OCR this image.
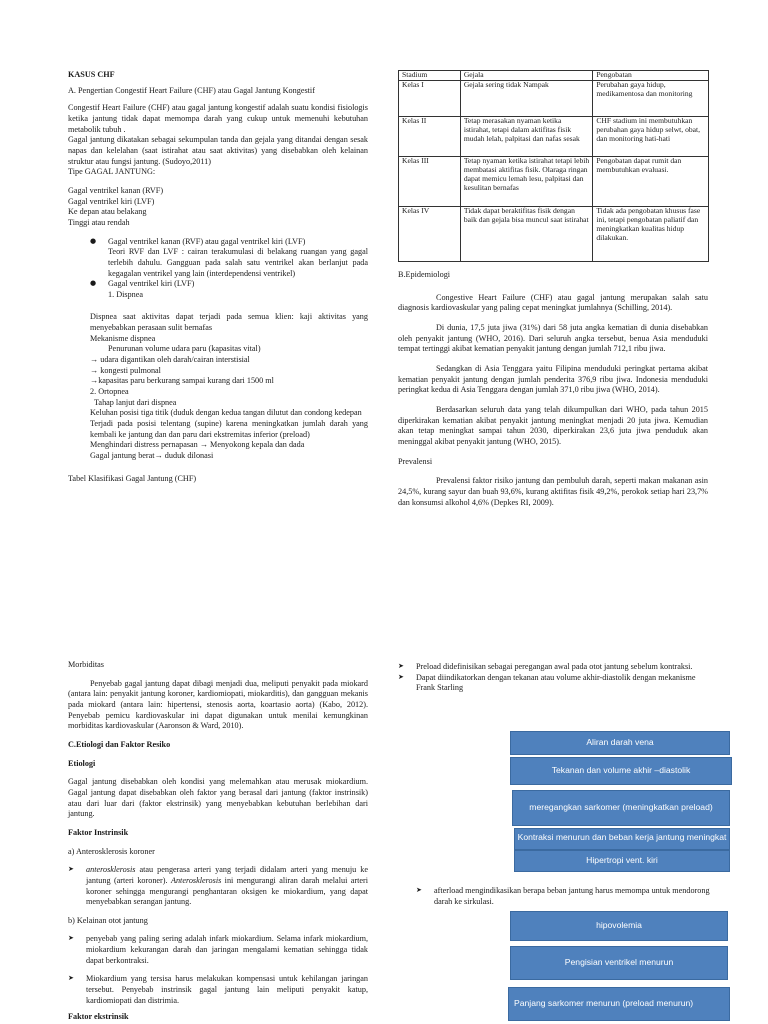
KASUS CHF

A. Pengertian Congestif Heart Failure (CHF) atau Gagal Jantung Kongestif

Congestif Heart Failure (CHF) atau gagal jantung kongestif adalah suatu kondisi fisiologis ketika jantung tidak dapat memompa darah yang cukup untuk memenuhi kebutuhan metabolik tubuh .

Gagal jantung dikatakan sebagai sekumpulan tanda dan gejala yang ditandai dengan sesak napas dan kelelahan (saat istirahat atau saat aktivitas) yang disebabkan oleh kelainan struktur atau fungsi jantung. (Sudoyo,2011)

Tipe GAGAL JANTUNG:

Gagal ventrikel kanan (RVF)

Gagal ventrikel kiri (LVF)

Ke depan atau belakang

Tinggi atau rendah

● Gagal ventrikel kanan (RVF) atau gagal ventrikel kiri (LVF)

Teori RVF dan LVF : cairan terakumulasi di belakang ruangan yang gagal terlebih dahulu. Gangguan pada salah satu ventrikel akan berlanjut pada kegagalan ventrikel yang lain (interdependensi ventrikel)

● Gagal ventrikel kiri (LVF)

1. Dispnea

Dispnea saat aktivitas dapat terjadi pada semua klien: kaji aktivitas yang menyebabkan perasaan sulit bernafas

Mekanisme dispnea

Penurunan volume udara paru (kapasitas vital)

→ udara digantikan oleh darah/cairan interstisial

→ kongesti pulmonal

→kapasitas paru berkurang sampai kurang dari 1500 ml

2. Ortopnea

Tahap lanjut dari dispnea

Keluhan posisi tiga titik (duduk dengan kedua tangan dilutut dan condong kedepan

Terjadi pada posisi telentang (supine) karena meningkatkan jumlah darah yang kembali ke jantung dan dan paru dari ekstremitas inferior (preload)

Menghindari distress pernapasan → Menyokong kepala dan dada

Gagal jantung berat→ duduk dilonasi

Tabel Klasifikasi Gagal Jantung (CHF)

Stadium	Gejala	Pengobatan
Kelas I	Gejala sering tidak Nampak	Perubahan gaya hidup, medikamentosa dan monitoring
Kelas II	Tetap merasakan nyaman ketika istirahat, tetapi dalam aktifitas fisik mudah lelah, palpitasi dan nafas sesak	CHF stadium ini membutuhkan perubahan gaya hidup selwt, obat, dan monitoring hati-hati
Kelas III	Tetap nyaman ketika istirahat tetapi lebih membatasi aktifitas fisik. Olaraga ringan dapat memicu lemah lesu, palpitasi dan kesulitan bernafas	Pengobatan dapat rumit dan membutuhkan evaluasi.
Kelas IV	Tidak dapat beraktifitas fisik dengan baik dan gejala bisa muncul saat istirahat	Tidak ada pengobatan khusus fase ini, tetapi pengobatan paliatif dan meningkatkan kualitas hidup dilakukan.

B.Epidemiologi

Congestive Heart Failure (CHF) atau gagal jantung merupakan salah satu diagnosis kardiovaskular yang paling cepat meningkat jumlahnya (Schilling, 2014).

Di dunia, 17,5 juta jiwa (31%) dari 58 juta angka kematian di dunia disebabkan oleh penyakit jantung (WHO, 2016). Dari seluruh angka tersebut, benua Asia menduduki tempat tertinggi akibat kematian penyakit jantung dengan jumlah 712,1 ribu jiwa.

Sedangkan di Asia Tenggara yaitu Filipina menduduki peringkat pertama akibat kematian penyakit jantung dengan jumlah penderita 376,9 ribu jiwa. Indonesia menduduki peringkat kedua di Asia Tenggara dengan jumlah 371,0 ribu jiwa (WHO, 2014).

Berdasarkan seluruh data yang telah dikumpulkan dari WHO, pada tahun 2015 diperkirakan kematian akibat penyakit jantung meningkat menjadi 20 juta jiwa. Kemudian akan tetap meningkat sampai tahun 2030, diperkirakan 23,6 juta jiwa penduduk akan meninggal akibat penyakit jantung (WHO, 2015).

Prevalensi

Prevalensi faktor risiko jantung dan pembuluh darah, seperti makan makanan asin 24,5%, kurang sayur dan buah 93,6%, kurang aktifitas fisik 49,2%, perokok setiap hari 23,7% dan konsumsi alkohol 4,6% (Depkes RI, 2009).

Morbiditas

Penyebab gagal jantung dapat dibagi menjadi dua, meliputi penyakit pada miokard (antara lain: penyakit jantung koroner, kardiomiopati, miokarditis), dan gangguan mekanis pada miokard (antara lain: hipertensi, stenosis aorta, koartasio aorta) (Kabo, 2012). Penyebab pemicu kardiovaskular ini dapat digunakan untuk menilai kemungkinan morbiditas kardiovaskular (Aaronson & Ward, 2010).

C.Etiologi dan Faktor Resiko

Etiologi

Gagal jantung disebabkan oleh kondisi yang melemahkan atau merusak miokardium. Gagal jantung dapat disebabkan oleh faktor yang berasal dari jantung (faktor instrinsik) atau dari luar dari (faktor ekstrinsik) yang menyebabkan kebutuhan berlebihan dari jantung.

Faktor Instrinsik

a) Anterosklerosis koroner

➤ anterosklerosis atau pengerasa arteri yang terjadi didalam arteri yang menuju ke jantung (arteri koroner). Anterosklerosis ini mengurangi aliran darah melalui arteri koroner sehingga mengurangi penghantaran oksigen ke miokardium, yang dapat menyebabkan serangan jantung.

b) Kelainan otot jantung

➤ penyebab yang paling sering adalah infark miokardium. Selama infark miokardium, miokardium kekurangan darah dan jaringan mengalami kematian sehingga tidak dapat berkontraksi.
➤ Miokardium yang tersisa harus melakukan kompensasi untuk kehilangan jaringan tersebut. Penyebab instrinsik gagal jantung lain meliputi penyakit katup, kardiomiopati dan distrimia.

Faktor ekstrinsik

➤ Preload didefinisikan sebagai peregangan awal pada otot jantung sebelum kontraksi.
➤ Dapat diindikatorkan dengan tekanan atau volume akhir-diastolik dengan mekanisme Frank Starling
Aliran darah vena
Tekanan dan volume akhir –diastolik
meregangkan sarkomer (meningkatkan preload)
Kontraksi menurun dan beban kerja jantung meningkat
Hipertropi vent. kiri
➤ afterload mengindikasikan berapa beban jantung harus memompa untuk mendorong darah ke sirkulasi.
hipovolemia
Pengisian ventrikel menurun
Panjang sarkomer menurun (preload menurun)
